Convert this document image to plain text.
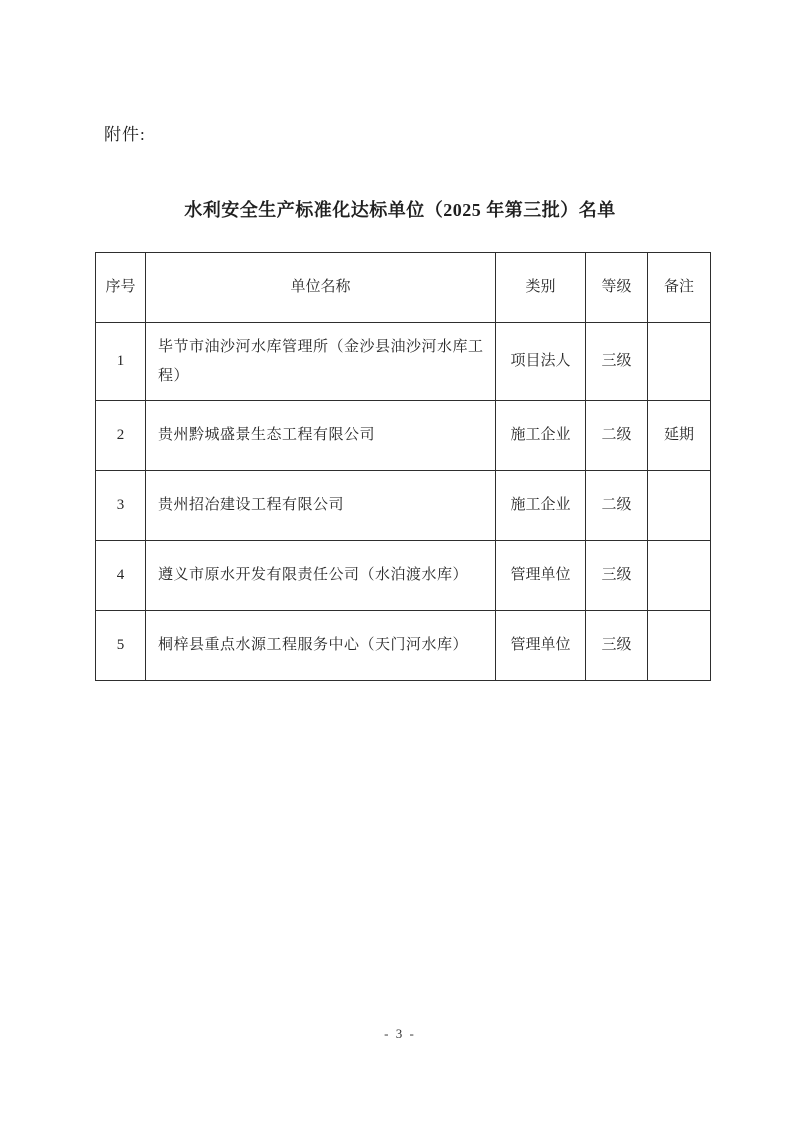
附件:
水利安全生产标准化达标单位（2025 年第三批）名单
序号	单位名称	类别	等级	备注
1	毕节市油沙河水库管理所（金沙县油沙河水库工程）	项目法人	三级	
2	贵州黔城盛景生态工程有限公司	施工企业	二级	延期
3	贵州招冶建设工程有限公司	施工企业	二级	
4	遵义市原水开发有限责任公司（水泊渡水库）	管理单位	三级	
5	桐梓县重点水源工程服务中心（天门河水库）	管理单位	三级	
- 3 -
